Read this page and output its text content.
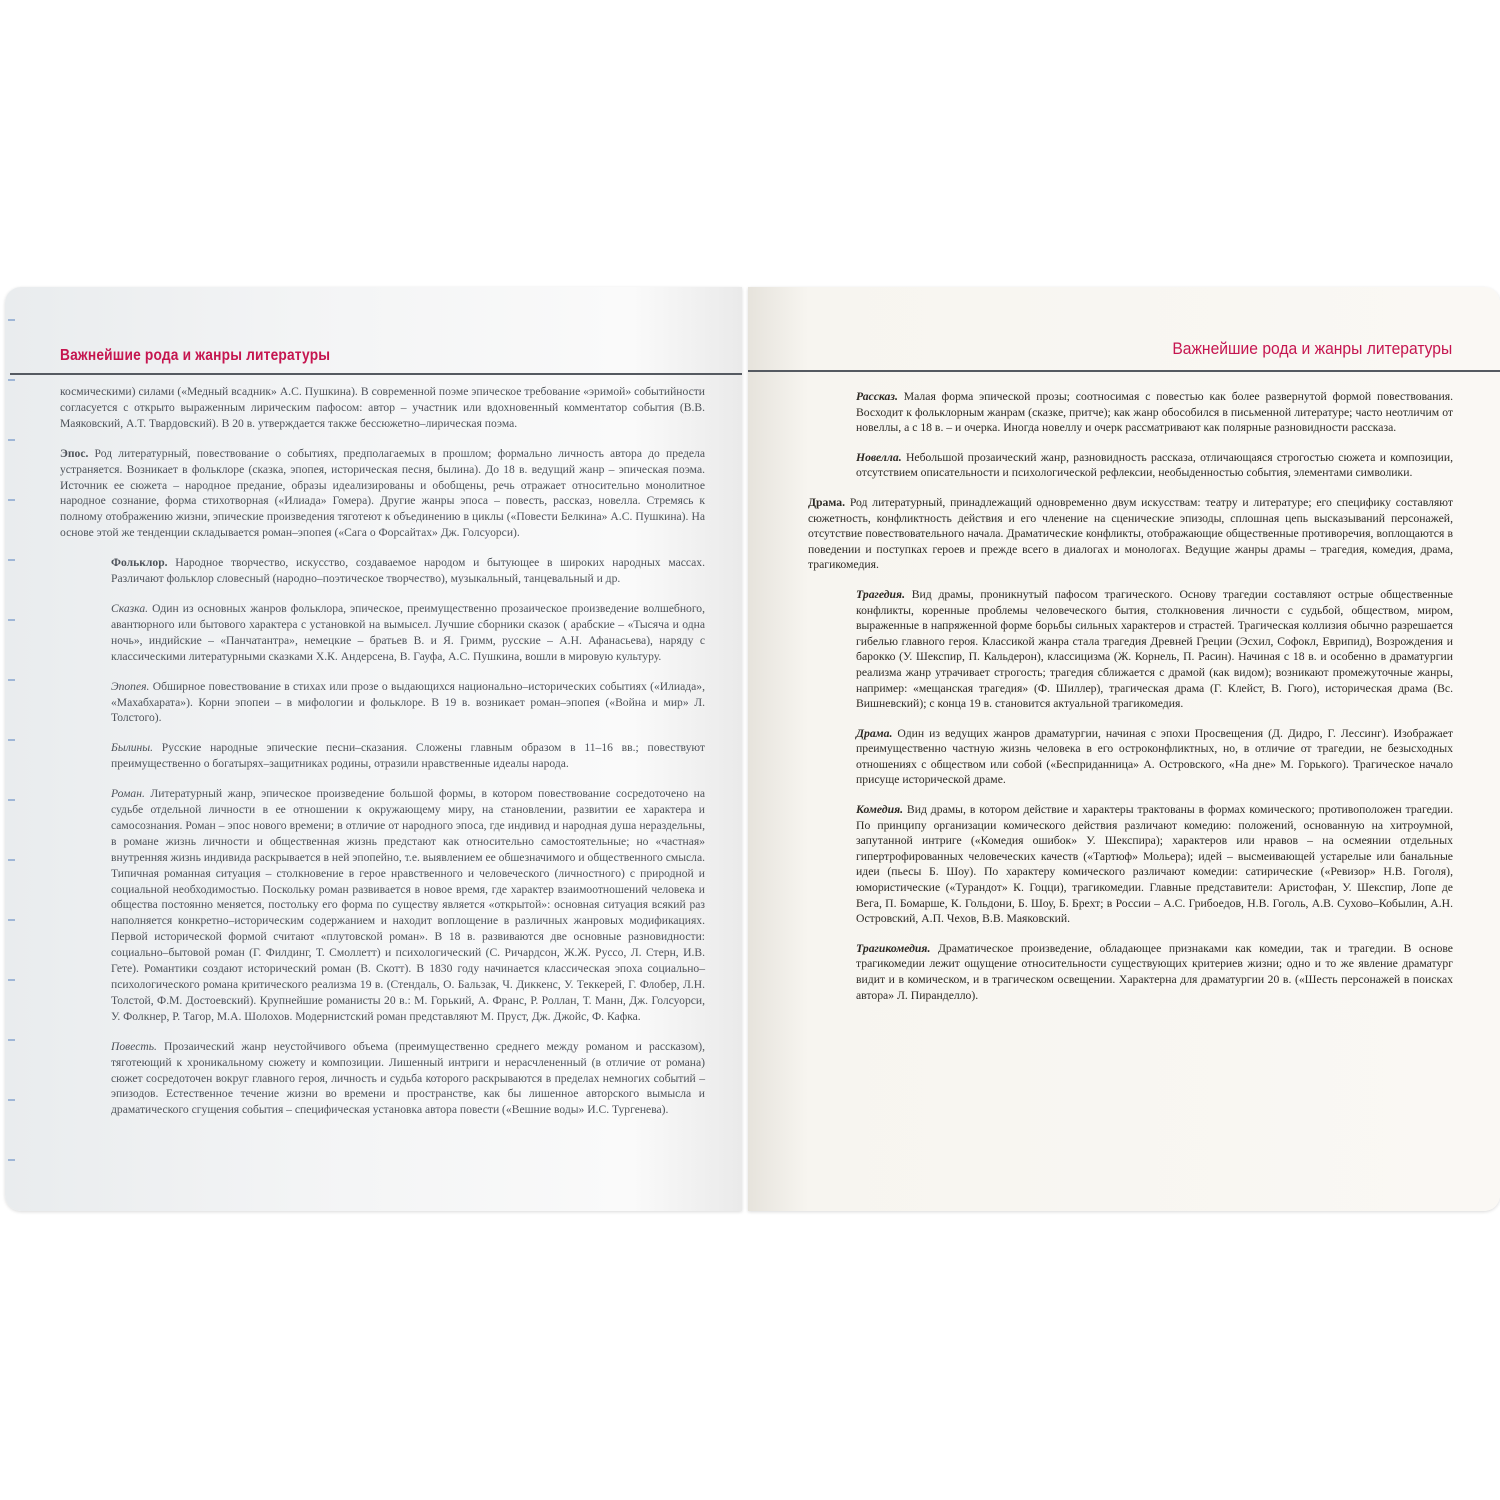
Важнейшие рода и жанры литературы

космическими) силами («Медный всадник» А.С. Пушкина). В современной поэме эпическое требование «эримой» событийности согласуется с открыто выраженным лирическим пафосом: автор – участник или вдохновенный комментатор события (В.В. Маяковский, А.Т. Твардовский). В 20 в. утверждается также бессюжетно–лирическая поэма.

Эпос. Род литературный, повествование о событиях, предполагаемых в прошлом; формально личность автора до предела устраняется. Возникает в фольклоре (сказка, эпопея, историческая песня, былина). До 18 в. ведущий жанр – эпическая поэма. Источник ее сюжета – народное предание, образы идеализированы и обобщены, речь отражает относительно монолитное народное сознание, форма стихотворная («Илиада» Гомера). Другие жанры эпоса – повесть, рассказ, новелла. Стремясь к полному отображению жизни, эпические произведения тяготеют к объединению в циклы («Повести Белкина» А.С. Пушкина). На основе этой же тенденции складывается роман–эпопея («Сага о Форсайтах» Дж. Голсуорси).

Фольклор. Народное творчество, искусство, создаваемое народом и бытующее в широких народных массах. Различают фольклор словесный (народно–поэтическое творчество), музыкальный, танцевальный и др.

Сказка. Один из основных жанров фольклора, эпическое, преимущественно прозаическое произведение волшебного, авантюрного или бытового характера с установкой на вымысел. Лучшие сборники сказок ( арабские – «Тысяча и одна ночь», индийские – «Панчатантра», немецкие – братьев В. и Я. Гримм, русские – А.Н. Афанасьева), наряду с классическими литературными сказками Х.К. Андерсена, В. Гауфа, А.С. Пушкина, вошли в мировую культуру.

Эпопея. Обширное повествование в стихах или прозе о выдающихся национально–исторических событиях («Илиада», «Махабхарата»). Корни эпопеи – в мифологии и фольклоре. В 19 в. возникает роман–эпопея («Война и мир» Л. Толстого).

Былины. Русские народные эпические песни–сказания. Сложены главным образом в 11–16 вв.; повествуют преимущественно о богатырях–защитниках родины, отразили нравственные идеалы народа.

Роман. Литературный жанр, эпическое произведение большой формы, в котором повествование сосредоточено на судьбе отдельной личности в ее отношении к окружающему миру, на становлении, развитии ее характера и самосознания. Роман – эпос нового времени; в отличие от народного эпоса, где индивид и народная душа нераздельны, в романе жизнь личности и общественная жизнь предстают как относительно самостоятельные; но «частная» внутренняя жизнь индивида раскрывается в ней эпопейно, т.е. выявлением ее обшезначимого и общественного смысла. Типичная романная ситуация – столкновение в герое нравственного и человеческого (личностного) с природной и социальной необходимостью. Поскольку роман развивается в новое время, где характер взаимоотношений человека и общества постоянно меняется, постольку его форма по существу является «открытой»: основная ситуация всякий раз наполняется конкретно–историческим содержанием и находит воплощение в различных жанровых модификациях. Первой исторической формой считают «плутовской роман». В 18 в. развиваются две основные разновидности: социально–бытовой роман (Г. Филдинг, Т. Смоллетт) и психологический (С. Ричардсон, Ж.Ж. Руссо, Л. Стерн, И.В. Гете). Романтики создают исторический роман (В. Скотт). В 1830 году начинается классическая эпоха социально–психологического романа критического реализма 19 в. (Стендаль, О. Бальзак, Ч. Диккенс, У. Теккерей, Г. Флобер, Л.Н. Толстой, Ф.М. Достоевский). Крупнейшие романисты 20 в.: М. Горький, А. Франс, Р. Роллан, Т. Манн, Дж. Голсуорси, У. Фолкнер, Р. Тагор, М.А. Шолохов. Модернистский роман представляют М. Пруст, Дж. Джойс, Ф. Кафка.

Повесть. Прозаический жанр неустойчивого объема (преимущественно среднего между романом и рассказом), тяготеющий к хроникальному сюжету и композиции. Лишенный интриги и нерасчлененный (в отличие от романа) сюжет сосредоточен вокруг главного героя, личность и судьба которого раскрываются в пределах немногих событий – эпизодов. Естественное течение жизни во времени и пространстве, как бы лишенное авторского вымысла и драматического сгущения события – специфическая установка автора повести («Вешние воды» И.С. Тургенева).

Важнейшие рода и жанры литературы

Рассказ. Малая форма эпической прозы; соотносимая с повестью как более развернутой формой повествования. Восходит к фольклорным жанрам (сказке, притче); как жанр обособился в письменной литературе; часто неотличим от новеллы, а с 18 в. – и очерка. Иногда новеллу и очерк рассматривают как полярные разновидности рассказа.

Новелла. Небольшой прозаический жанр, разновидность рассказа, отличающаяся строгостью сюжета и композиции, отсутствием описательности и психологической рефлексии, необыденностью события, элементами символики.

Драма. Род литературный, принадлежащий одновременно двум искусствам: театру и литературе; его специфику составляют сюжетность, конфликтность действия и его членение на сценические эпизоды, сплошная цепь высказываний персонажей, отсутствие повествовательного начала. Драматические конфликты, отображающие общественные противоречия, воплощаются в поведении и поступках героев и прежде всего в диалогах и монологах. Ведущие жанры драмы – трагедия, комедия, драма, трагикомедия.

Трагедия. Вид драмы, проникнутый пафосом трагического. Основу трагедии составляют острые общественные конфликты, коренные проблемы человеческого бытия, столкновения личности с судьбой, обществом, миром, выраженные в напряженной форме борьбы сильных характеров и страстей. Трагическая коллизия обычно разрешается гибелью главного героя. Классикой жанра стала трагедия Древней Греции (Эсхил, Софокл, Еврипид), Возрождения и барокко (У. Шекспир, П. Кальдерон), классицизма (Ж. Корнель, П. Расин). Начиная с 18 в. и особенно в драматургии реализма жанр утрачивает строгость; трагедия сближается с драмой (как видом); возникают промежуточные жанры, например: «мещанская трагедия» (Ф. Шиллер), трагическая драма (Г. Клейст, В. Гюго), историческая драма (Вс. Вишневский); с конца 19 в. становится актуальной трагикомедия.

Драма. Один из ведущих жанров драматургии, начиная с эпохи Просвещения (Д. Дидро, Г. Лессинг). Изображает преимущественно частную жизнь человека в его остроконфликтных, но, в отличие от трагедии, не безысходных отношениях с обществом или собой («Бесприданница» А. Островского, «На дне» М. Горького). Трагическое начало присуще исторической драме.

Комедия. Вид драмы, в котором действие и характеры трактованы в формах комического; противоположен трагедии. По принципу организации комического действия различают комедию: положений, основанную на хитроумной, запутанной интриге («Комедия ошибок» У. Шекспира); характеров или нравов – на осмеянии отдельных гипертрофированных человеческих качеств («Тартюф» Мольера); идей – высмеивающей устарелые или банальные идеи (пьесы Б. Шоу). По характеру комического различают комедии: сатирические («Ревизор» Н.В. Гоголя), юмористические («Турандот» К. Гоцци), трагикомедии. Главные представители: Аристофан, У. Шекспир, Лопе де Вега, П. Бомарше, К. Гольдони, Б. Шоу, Б. Брехт; в России – А.С. Грибоедов, Н.В. Гоголь, А.В. Сухово–Кобылин, А.Н. Островский, А.П. Чехов, В.В. Маяковский.

Трагикомедия. Драматическое произведение, обладающее признаками как комедии, так и трагедии. В основе трагикомедии лежит ощущение относительности существующих критериев жизни; одно и то же явление драматург видит и в комическом, и в трагическом освещении. Характерна для драматургии 20 в. («Шесть персонажей в поисках автора» Л. Пиранделло).
